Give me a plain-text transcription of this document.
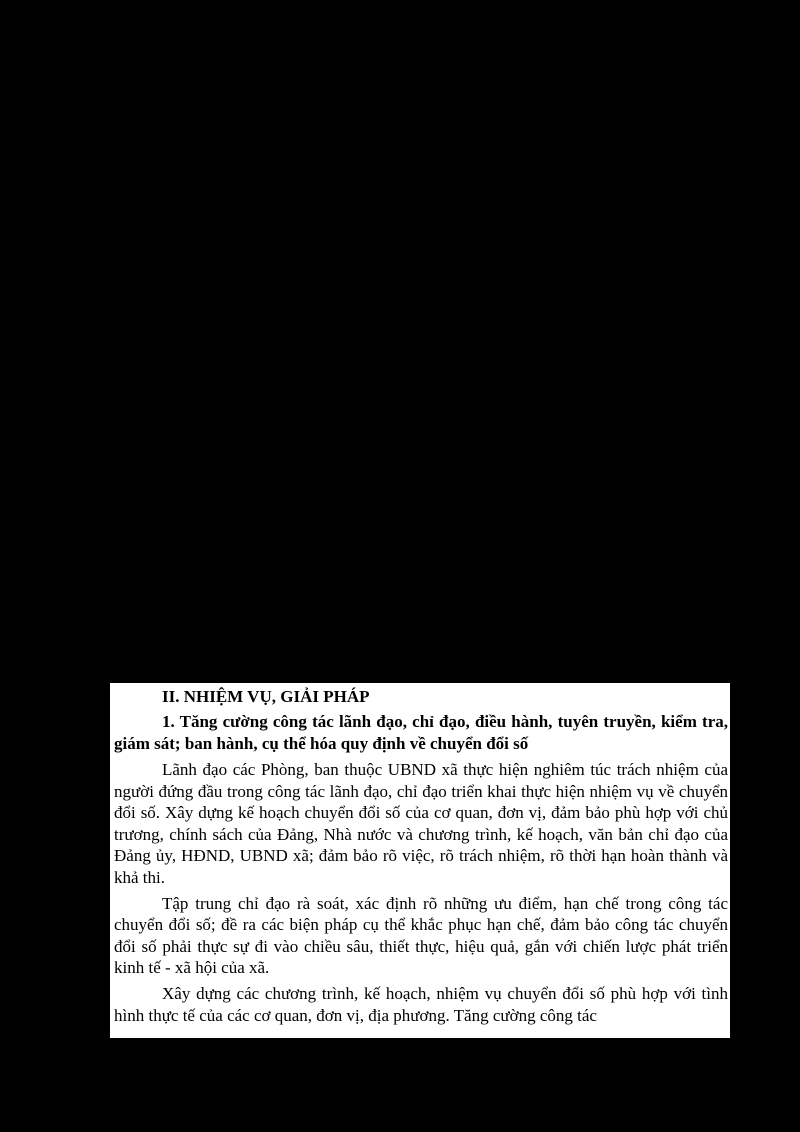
II. NHIỆM VỤ, GIẢI PHÁP
1. Tăng cường công tác lãnh đạo, chỉ đạo, điều hành, tuyên truyền, kiểm tra, giám sát; ban hành, cụ thể hóa quy định về chuyển đổi số

Lãnh đạo các Phòng, ban thuộc UBND xã thực hiện nghiêm túc trách nhiệm của người đứng đầu trong công tác lãnh đạo, chỉ đạo triển khai thực hiện nhiệm vụ về chuyển đổi số. Xây dựng kế hoạch chuyển đổi số của cơ quan, đơn vị, đảm bảo phù hợp với chủ trương, chính sách của Đảng, Nhà nước và chương trình, kế hoạch, văn bản chỉ đạo của Đảng ủy, HĐND, UBND xã; đảm bảo rõ việc, rõ trách nhiệm, rõ thời hạn hoàn thành và khả thi.

Tập trung chỉ đạo rà soát, xác định rõ những ưu điểm, hạn chế trong công tác chuyển đổi số; đề ra các biện pháp cụ thể khắc phục hạn chế, đảm bảo công tác chuyển đổi số phải thực sự đi vào chiều sâu, thiết thực, hiệu quả, gắn với chiến lược phát triển kinh tế - xã hội của xã.

Xây dựng các chương trình, kế hoạch, nhiệm vụ chuyển đổi số phù hợp với tình hình thực tế của các cơ quan, đơn vị, địa phương. Tăng cường công tác
